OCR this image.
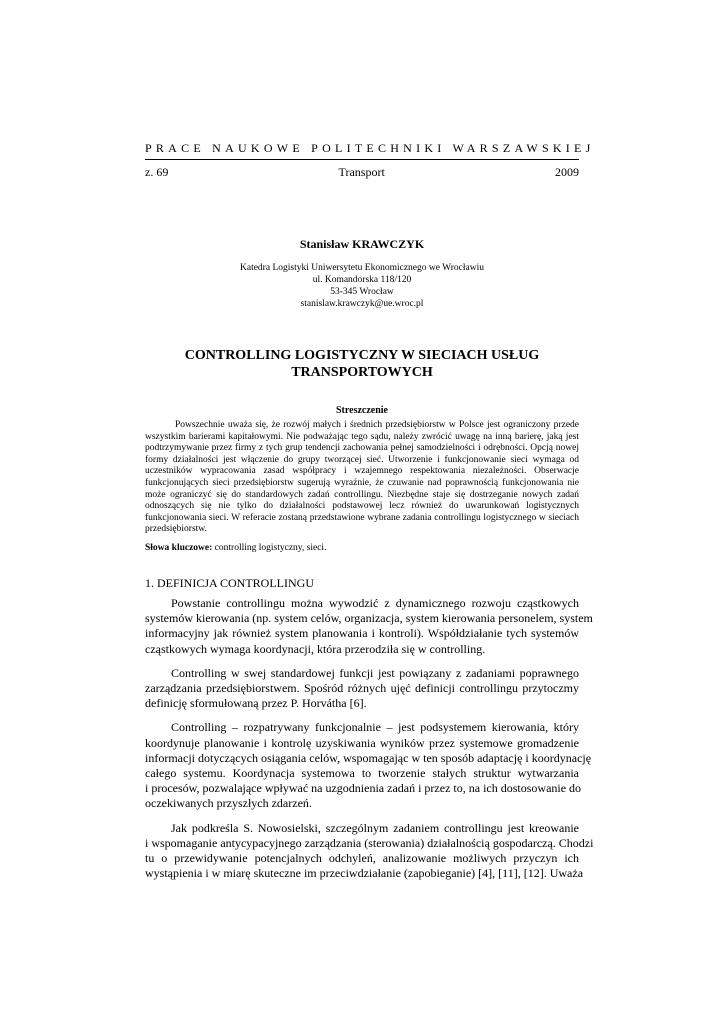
PRACE NAUKOWE POLITECHNIKI WARSZAWSKIEJ
z. 69	Transport	2009
Stanisław KRAWCZYK
Katedra Logistyki Uniwersytetu Ekonomicznego we Wrocławiu
ul. Komandorska 118/120
53-345 Wrocław
stanislaw.krawczyk@ue.wroc.pl
CONTROLLING LOGISTYCZNY W SIECIACH USŁUG
TRANSPORTOWYCH
Streszczenie
Powszechnie uważa się, że rozwój małych i średnich przedsiębiorstw w Polsce jest ograniczony przede
wszystkim barierami kapitałowymi. Nie podważając tego sądu, należy zwrócić uwagę na inną barierę, jaką jest
podtrzymywanie przez firmy z tych grup tendencji zachowania pełnej samodzielności i odrębności. Opcją nowej
formy działalności jest włączenie do grupy tworzącej sieć. Utworzenie i funkcjonowanie sieci wymaga od
uczestników wypracowania zasad współpracy i wzajemnego respektowania niezależności. Obserwacje
funkcjonujących sieci przedsiębiorstw sugerują wyraźnie, że czuwanie nad poprawnością funkcjonowania nie
może ograniczyć się do standardowych zadań controllingu. Niezbędne staje się dostrzeganie nowych zadań
odnoszących się nie tylko do działalności podstawowej lecz również do uwarunkowań logistycznych
funkcjonowania sieci. W referacie zostaną przedstawione wybrane zadania controllingu logistycznego w sieciach
przedsiębiorstw.
Słowa kluczowe: controlling logistyczny, sieci.
1. DEFINICJA CONTROLLINGU
Powstanie controllingu można wywodzić z dynamicznego rozwoju cząstkowych
systemów kierowania (np. system celów, organizacja, system kierowania personelem, system
informacyjny jak również system planowania i kontroli). Współdziałanie tych systemów
cząstkowych wymaga koordynacji, która przerodziła się w controlling.
Controlling w swej standardowej funkcji jest powiązany z zadaniami poprawnego
zarządzania przedsiębiorstwem. Spośród różnych ujęć definicji controllingu przytoczmy
definicję sformułowaną przez P. Horvátha [6].
Controlling – rozpatrywany funkcjonalnie – jest podsystemem kierowania, który
koordynuje planowanie i kontrolę uzyskiwania wyników przez systemowe gromadzenie
informacji dotyczących osiągania celów, wspomagając w ten sposób adaptację i koordynację
całego systemu. Koordynacja systemowa to tworzenie stałych struktur wytwarzania
i procesów, pozwalające wpływać na uzgodnienia zadań i przez to, na ich dostosowanie do
oczekiwanych przyszłych zdarzeń.
Jak podkreśla S. Nowosielski, szczególnym zadaniem controllingu jest kreowanie
i wspomaganie antycypacyjnego zarządzania (sterowania) działalnością gospodarczą. Chodzi
tu o przewidywanie potencjalnych odchyleń, analizowanie możliwych przyczyn ich
wystąpienia i w miarę skuteczne im przeciwdziałanie (zapobieganie) [4], [11], [12]. Uważa
